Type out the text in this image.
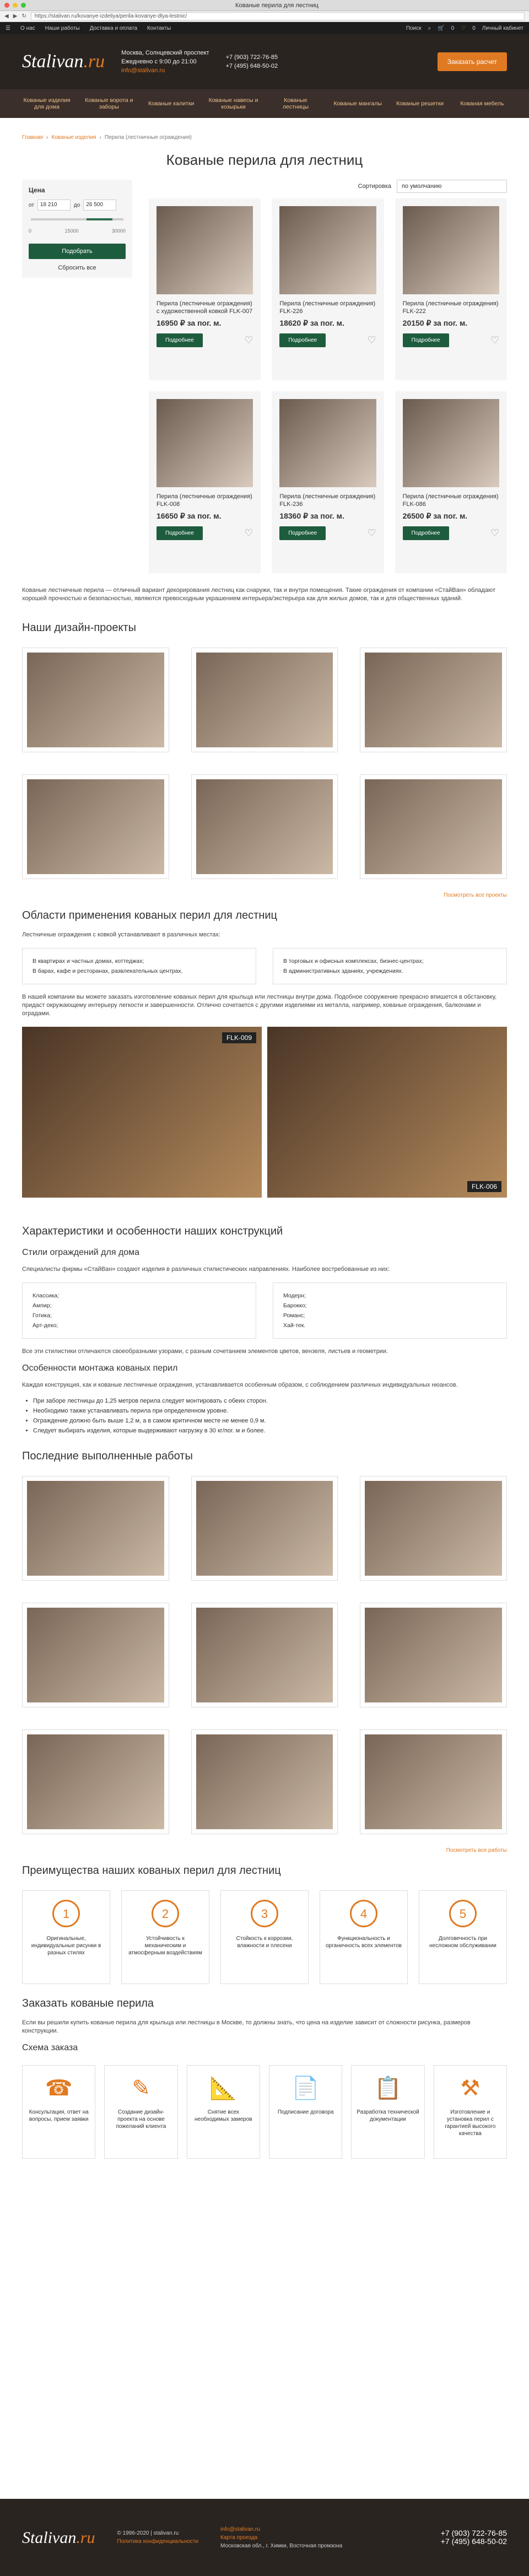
Кованые перила для лестниц
◀ ▶ ↻	https://stalivan.ru/kovanye-izdeliya/perila-kovanye-dlya-lestnic/
☰ О нас Наши работы Доставка и оплата Контакты	Поиск ⌕ 🛒 0 ♡ 0 Личный кабинет
Stalivan.ru	Москва, Солнцевский проспект
Ежедневно с 9:00 до 21:00
info@stalivan.ru
+7 (903) 722-76-85
+7 (495) 648-50-02
Заказать расчет
Кованые изделия для дома
Кованые ворота и заборы	Кованые калитки	Кованые навесы и козырьки
Кованые лестницы	Кованые мангалы Кованые решетки	Кованая мебель
Главная › Кованые изделия › Перила (лестничные ограждения)
Кованые перила для лестниц
Цена
от	18 210	до	26 500
0	15000	30000
Подобрать
Сбросить все
Сортировка	по умолчанию
Перила (лестничные ограждения) с художественной ковкой FLK-007
16950 ₽ за пог. м.
Подробнее	♡
Перила (лестничные ограждения) FLK-226
18620 ₽ за пог. м.
Подробнее	♡
Перила (лестничные ограждения) FLK-222
20150 ₽ за пог. м.
Подробнее	♡
Перила (лестничные ограждения) FLK-008
16650 ₽ за пог. м.
Подробнее	♡
Перила (лестничные ограждения) FLK-236
18360 ₽ за пог. м.
Подробнее	♡
Перила (лестничные ограждения) FLK-086
26500 ₽ за пог. м.
Подробнее	♡

Кованые лестничные перила — отличный вариант декорирования лестниц как снаружи, так и внутри помещения. Такие ограждения от компании «СтайВан» обладают хорошей прочностью и безопасностью, являются превосходным украшением интерьера/экстерьера как для жилых домов, так и для общественных зданий.

Наши дизайн-проекты
Посмотреть все проекты
Области применения кованых перил для лестниц

Лестничные ограждения с ковкой устанавливают в различных местах:

В квартирах и частных домах, коттеджах;
В барах, кафе и ресторанах, развлекательных центрах.
В торговых и офисных комплексах, бизнес-центрах;
В административных зданиях, учреждениях.

В нашей компании вы можете заказать изготовление кованых перил для крыльца или лестницы внутри дома. Подобное сооружение прекрасно впишется в обстановку, придаст окружающему интерьеру легкости и завершенности. Отлично сочетается с другими изделиями из металла, например, кованые ограждения, балконами и оградами.

FLK-009
FLK-006
Характеристики и особенности наших конструкций
Стили ограждений для дома

Специалисты фирмы «СтайВан» создают изделия в различных стилистических направлениях. Наиболее востребованные из них:

Классика;
Ампир;
Готика;
Арт-деко;
Модерн;
Барокко;
Романс;
Хай-тек.

Все эти стилистики отличаются своеобразными узорами, с разным сочетанием элементов цветов, вензеля, листьев и геометрии.

Особенности монтажа кованых перил

Каждая конструкция, как и кованые лестничные ограждения, устанавливается особенным образом, с соблюдением различных индивидуальных нюансов.

• При заборе лестницы до 1,25 метров перила следует монтировать с обеих сторон.
• Необходимо также устанавливать перила при определенном уровне.
• Ограждение должно быть выше 1,2 м, а в самом критичном месте не менее 0,9 м.
• Следует выбирать изделия, которые выдерживают нагрузку в 30 кг/пог. м и более.
Последние выполненные работы
Посмотреть все работы
Преимущества наших кованых перил для лестниц
1
Оригинальные, индивидуальные рисунки в разных стилях
2
Устойчивость к механическим и атмосферным воздействиям
3
Стойкость к коррозии, влажности и плесени
4
Функциональность и органичность всех элементов
5
Долговечность при несложном обслуживании
Заказать кованые перила

Если вы решили купить кованые перила для крыльца или лестницы в Москве, то должны знать, что цена на изделие зависит от сложности рисунка, размеров конструкции.

Схема заказа
☎
Консультация, ответ на вопросы, прием заявки
✎
Создание дизайн-проекта на основе пожеланий клиента
📐
Снятие всех необходимых замеров
📄
Подписание договора
📋
Разработка технической документации
⚒
Изготовление и установка перил с гарантией высокого качества
Stalivan.ru	© 1996-2020 | stalivan.ru
Политика конфиденциальности
info@stalivan.ru
Карта проезда
Московская обл., г. Химки, Восточная промзона
+7 (903) 722-76-85
+7 (495) 648-50-02
